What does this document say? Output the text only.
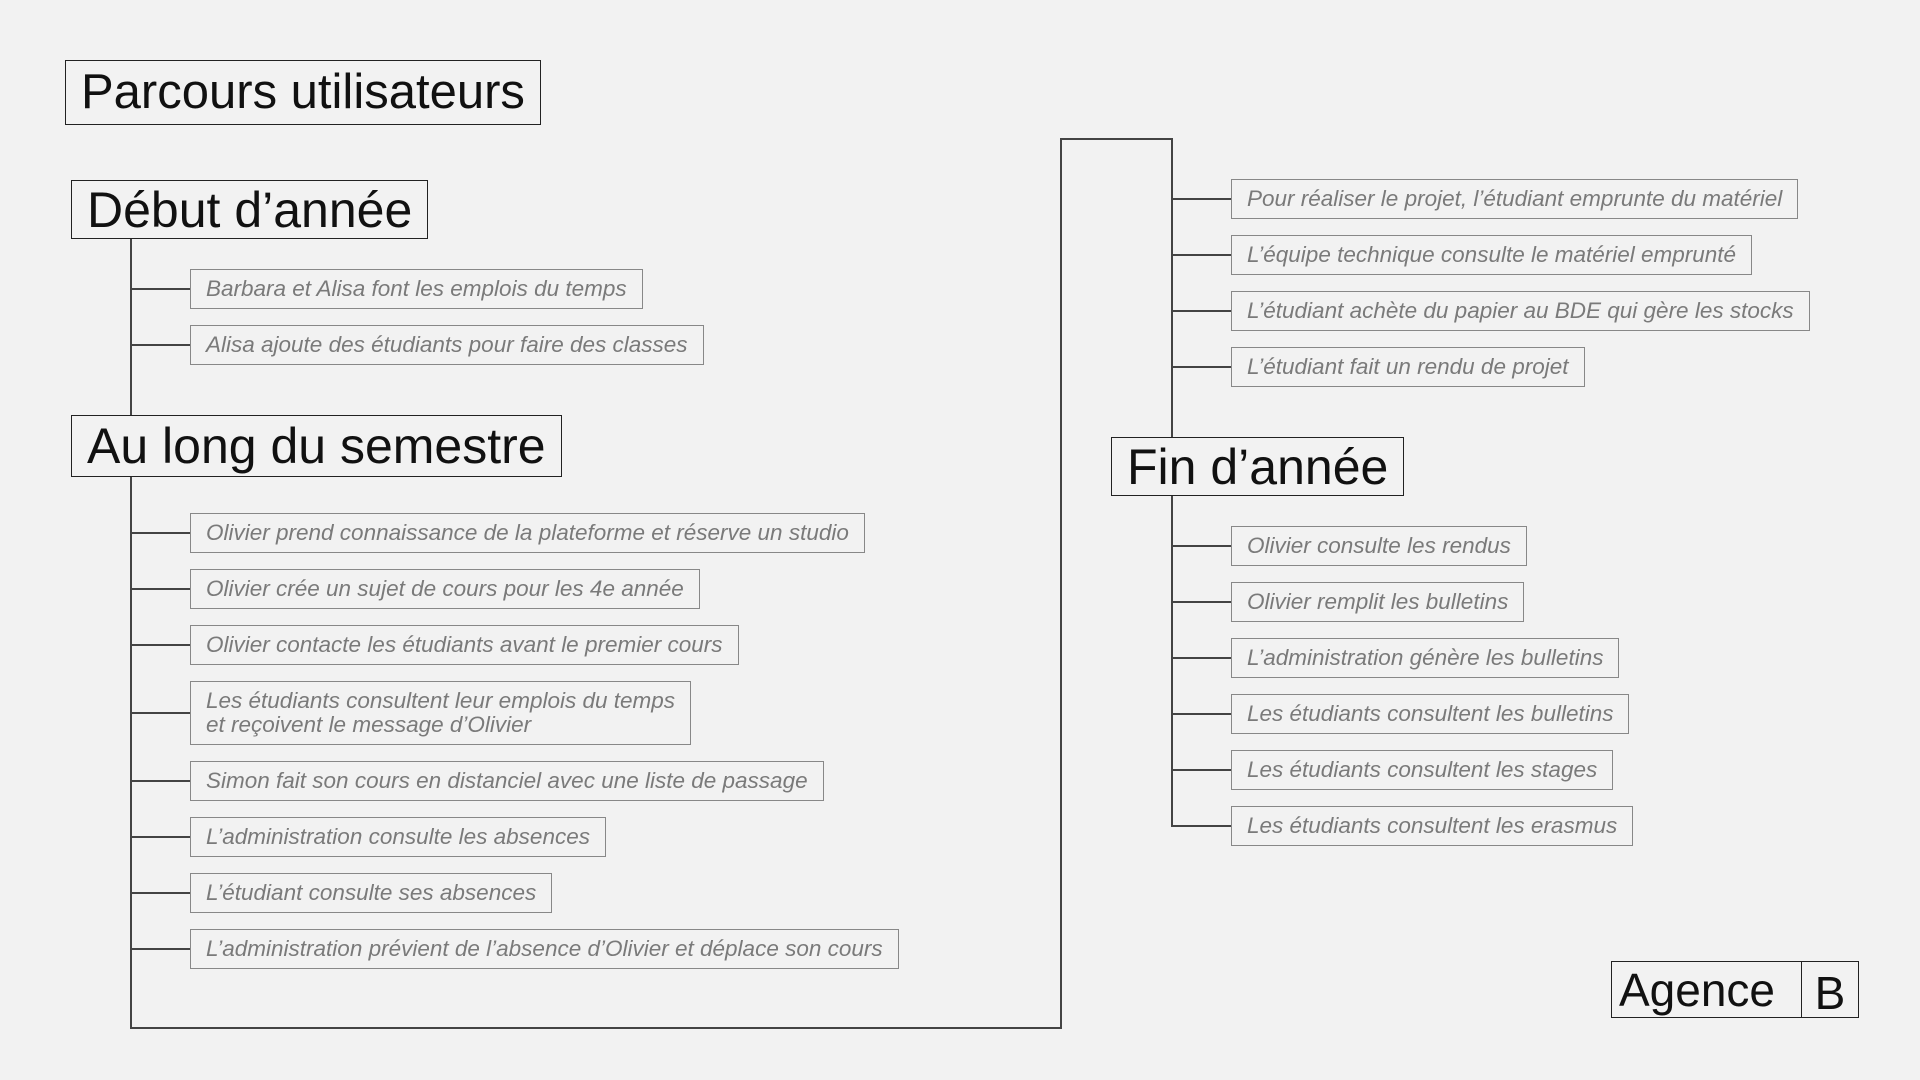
Parcours utilisateurs
Début d’année
Au long du semestre	Fin d’année
Barbara et Alisa font les emplois du temps
Alisa ajoute des étudiants pour faire des classes
Olivier prend connaissance de la plateforme et réserve un studio
Olivier crée un sujet de cours pour les 4e année
Olivier contacte les étudiants avant le premier cours
Les étudiants consultent leur emplois du temps
et reçoivent le message d’Olivier
Simon fait son cours en distanciel avec une liste de passage
L’administration consulte les absences
L’étudiant consulte ses absences
L’administration prévient de l’absence d’Olivier et déplace son cours
Pour réaliser le projet, l’étudiant emprunte du matériel
L’équipe technique consulte le matériel emprunté
L’étudiant achète du papier au BDE qui gère les stocks
L’étudiant fait un rendu de projet
Olivier consulte les rendus
Olivier remplit les bulletins
L’administration génère les bulletins
Les étudiants consultent les bulletins
Les étudiants consultent les stages
Les étudiants consultent les erasmus
Agence B
